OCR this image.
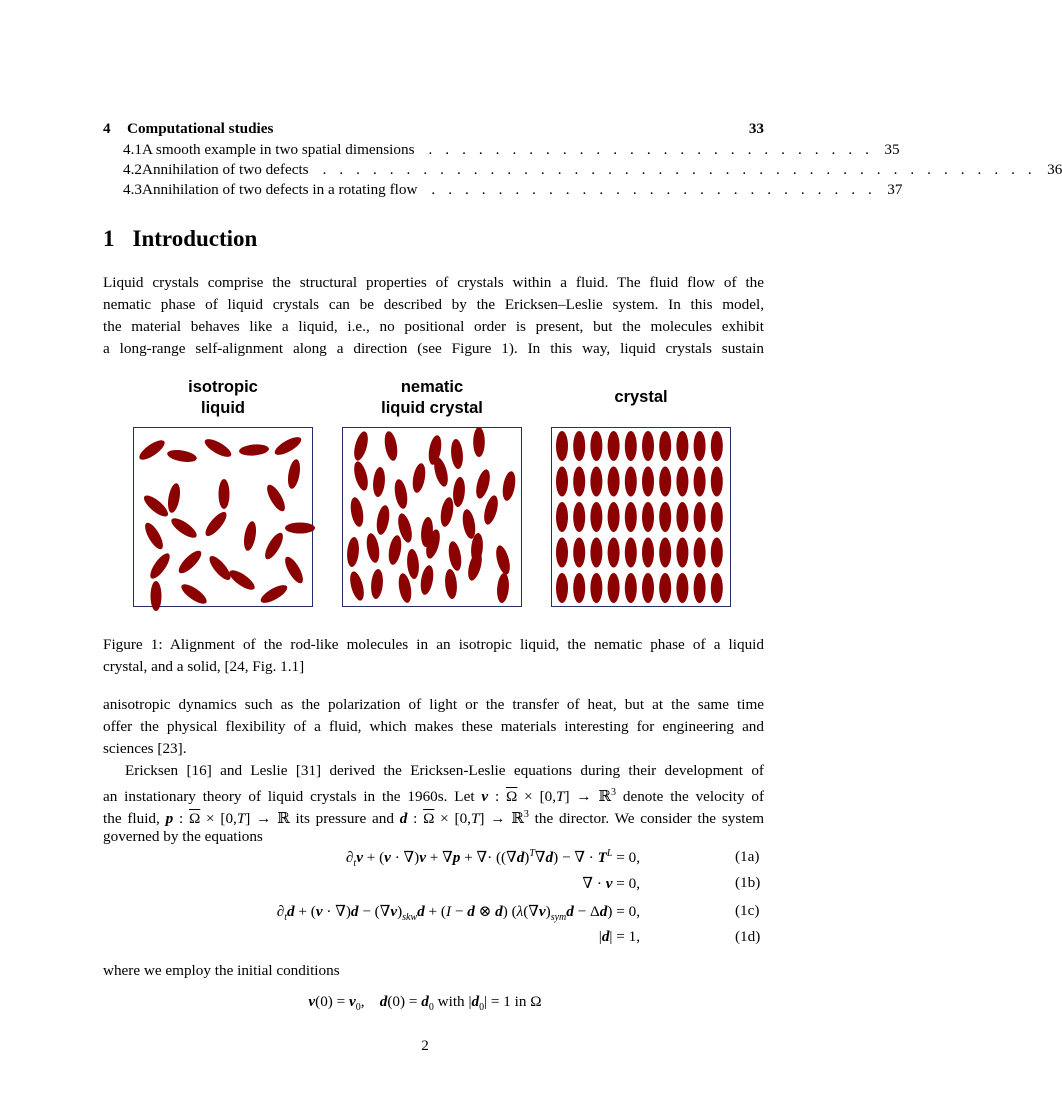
4	Computational studies	33
4.1 A smooth example in two spatial dimensions . . . . . . . . . . . . . . . . . . . . . . . . . . . 35
4.2 Annihilation of two defects . . . . . . . . . . . . . . . . . . . . . . . . . . . . . . . . . . . . . . . . . . . 36
4.3 Annihilation of two defects in a rotating flow . . . . . . . . . . . . . . . . . . . . . . . . . . . 37
1 Introduction
Liquid crystals comprise the structural properties of crystals within a fluid. The fluid flow of the
nematic phase of liquid crystals can be described by the Ericksen–Leslie system. In this model,
the material behaves like a liquid, i.e., no positional order is present, but the molecules exhibit
a long-range self-alignment along a direction (see Figure 1). In this way, liquid crystals sustain
isotropic
liquid
nematic
liquid crystal
crystal
Figure 1: Alignment of the rod-like molecules in an isotropic liquid, the nematic phase of a liquid
crystal, and a solid, [24, Fig. 1.1]
anisotropic dynamics such as the polarization of light or the transfer of heat, but at the same time
offer the physical flexibility of a fluid, which makes these materials interesting for engineering and
sciences [23].
Ericksen [16] and Leslie [31] derived the Ericksen-Leslie equations during their development of
an instationary theory of liquid crystals in the 1960s. Let v : $\overline{\Omega} \times [0,T]$ → ℝ$^3$ denote the velocity of
the fluid, p : $\overline{\Omega} \times [0,T]$ → ℝ its pressure and d : $\overline{\Omega} \times [0,T]$ → ℝ$^3$ the director. We consider the system
governed by the equations
$\partial_tv + (v \cdot \nabla)v + \nabla p$ + ∇· $((\nabla d)^T\nabla d)$ − ∇ · $T^L = 0$,	(1a)
∇ · v = 0,	(1b)
$\partial_td + (v \cdot \nabla)d - (\nabla v)_{skw}d + (I - d$ ⊗ d) $(\lambda(\nabla v)_{sym}d - \Delta d) = 0$,	(1c)
|d| = 1,	(1d)
where we employ the initial conditions
$v(0) = v_0$,    $d(0) = d_0$ with $|d_0| = 1$ in Ω
2
